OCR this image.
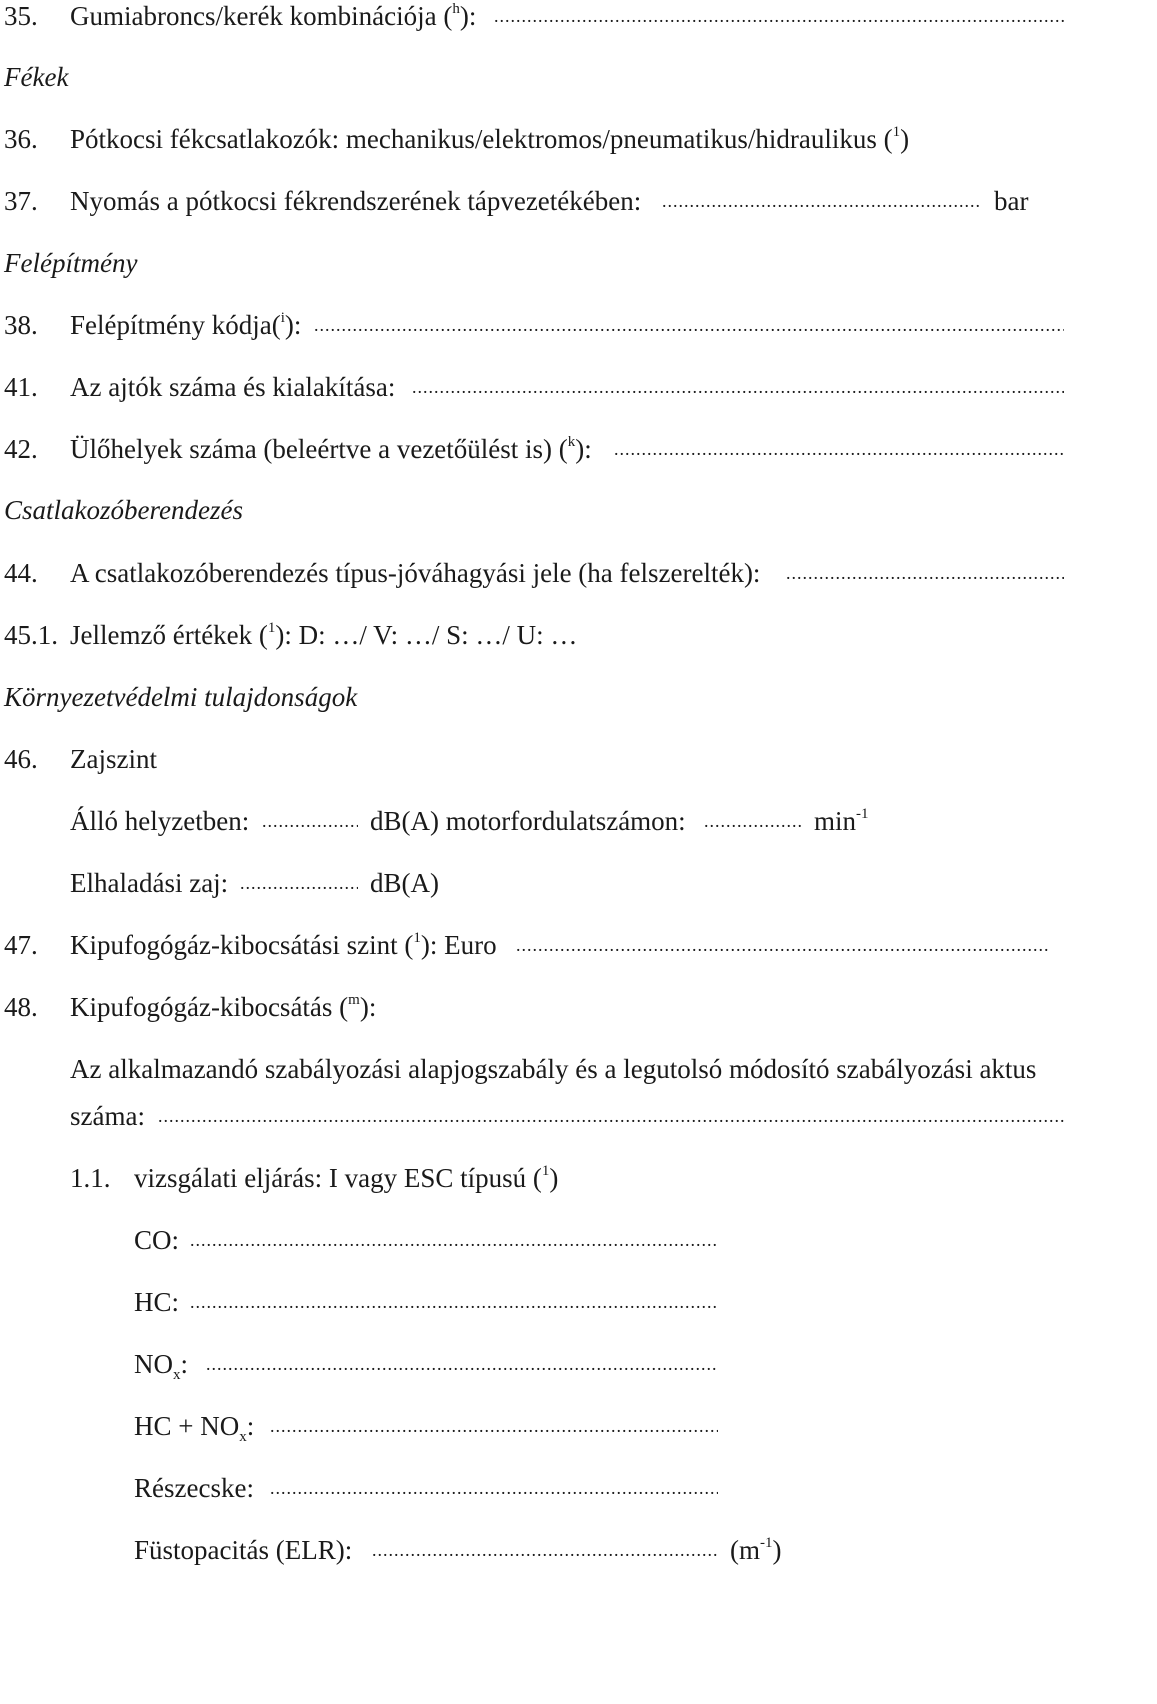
35.	Gumiabroncs/kerék kombinációja ($^h$):
.....
Fékek
36.	Pótkocsi fékcsatlakozók: mechanikus/elektromos/pneumatikus/hidraulikus ($^1$)
37.	Nyomás a pótkocsi fékrendszerének tápvezetékében: .....	bar
Felépítmény
38.	Felépítmény kódja($^i$):
.....
41.	Az ajtók száma és kialakítása:
.....
42.	Ülőhelyek száma (beleértve a vezetőülést is) ($^k$):
.....
Csatlakozóberendezés
44.	A csatlakozóberendezés típus-jóváhagyási jele (ha felszerelték):
.....
45.1. Jellemző értékek ($^1$): D: …/ V: …/ S: …/ U: …
Környezetvédelmi tulajdonságok
46.	Zajszint
Álló helyzetben: .....	dB(A) motorfordulatszámon: .....	$\min^{-1}$
Elhaladási zaj: .....	dB(A)
47.	Kipufogógáz-kibocsátási szint ($^1$): Euro
.....
48.	Kipufogógáz-kibocsátás ($^m$):
Az alkalmazandó szabályozási alapjogszabály és a legutolsó módosító szabályozási aktus
száma:
.....
1.1. vizsgálati eljárás: I vagy ESC típusú ($^1$)
CO:
.....
HC:
.....
$NO_x$:
.....
HC + $NO_x$:
.....
Részecske:
.....
Füstopacitás (ELR): .....	$(m^{-1})$
